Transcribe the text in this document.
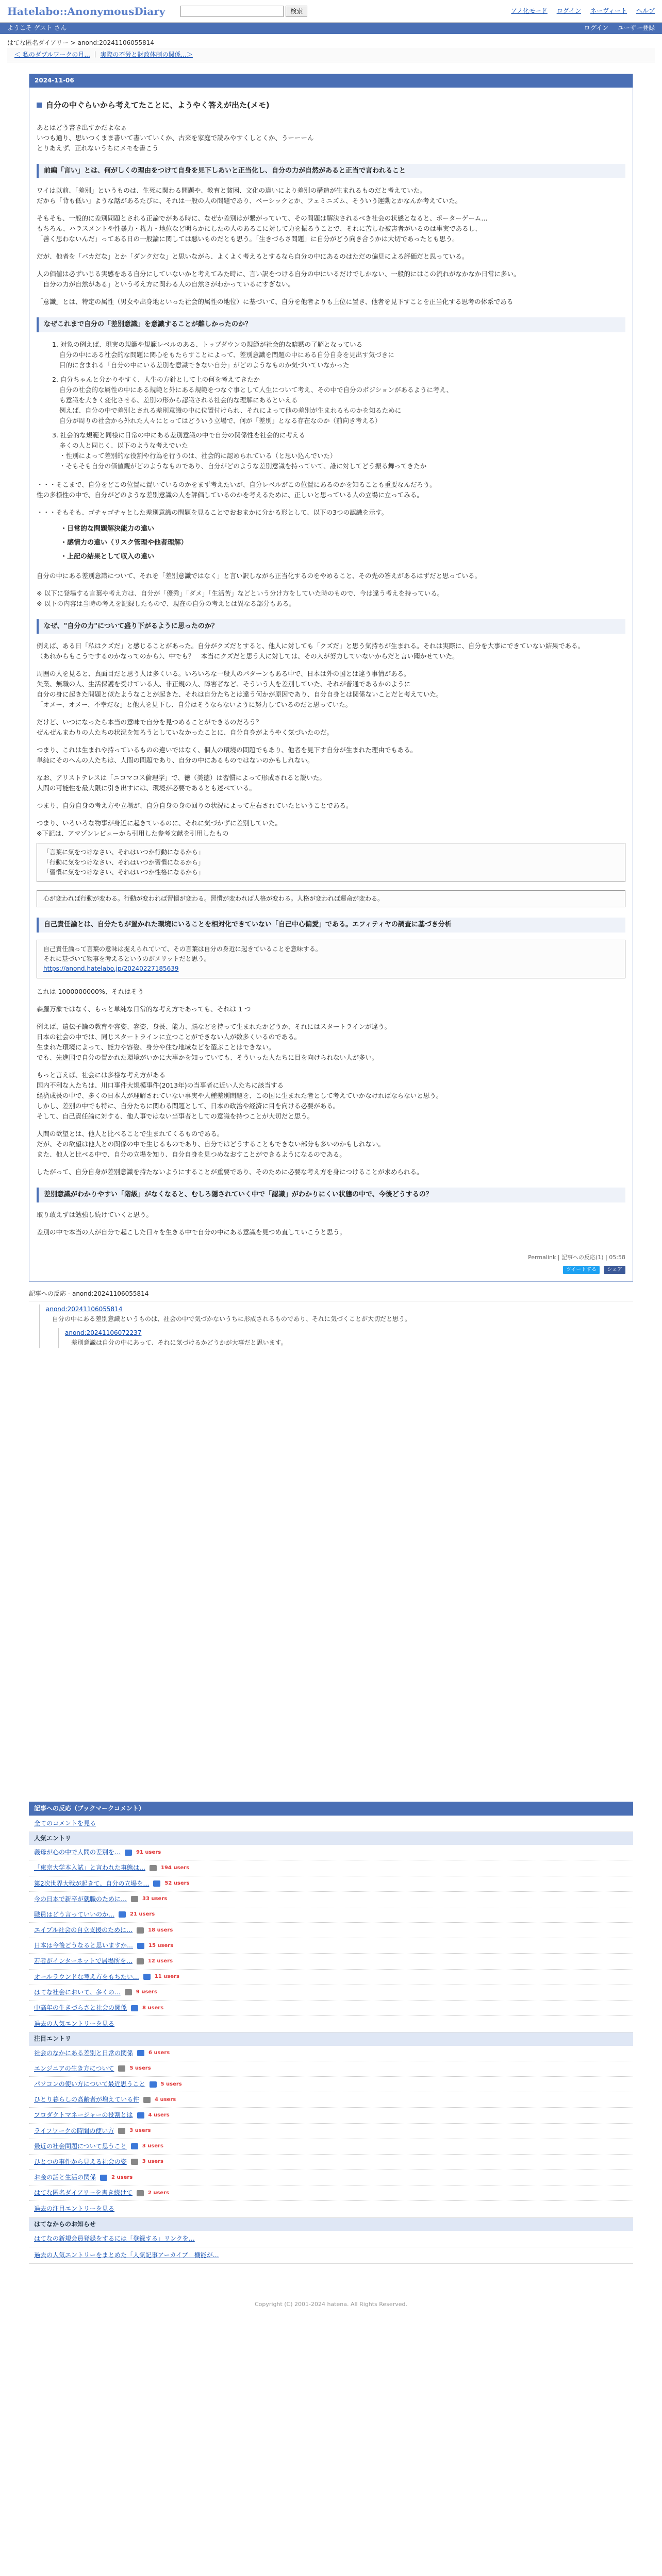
Hatelabo::AnonymousDiary	検索	アノ化モード ログイン ネーヴィート ヘルプ
ようこそ ゲスト さん	ログイン ユーザー登録
はてな匿名ダイアリー > anond:20241106055814
＜ 私のダブルワークの月... ｜ 実際の不労と財政体制の関係...＞
2024-11-06
自分の中ぐらいから考えてたことに、ようやく答えが出た(メモ)
あとはどう書き出すかだよなぁ
いつも通り、思いつくまま書いて書いていくか、古来を家庭で読みやすくしとくか、うーーーん
とりあえず、正れないうちにメモを書こう
前編「言い」とは、何がしくの理由をつけて自身を見下しあいと正当化し、自分の力が自然があると正当で言われること
ワイは以前、「差別」というものは、生死に関わる問題や、教育と貧困、文化の違いにより差別の構造が生まれるものだと考えていた。
だから「背も低い」ような話があるたびに、それは一般の人の問題であり、ベーシックとか、フェミニズム、そういう運動とかなんか考えていた。
そもそも、一般的に差別問題とされる正論でがある時に、なぜか差別はが繋がっていて、その問題は解決されるべき社会の状態となると、ポーターゲーム…
もちろん、ハラスメントや性暴力・権力・地位など明らかにしたの人のあるこに対して力を振るうことで、それに苦しむ被害者がいるのは事実であるし、
「善く思わないんだ」ってある日の一般論に関しては悪いものだとも思う。「生きづらさ問題」に自分がどう向き合うかは大切であったとも思う。
だが、他者を「バカだな」とか「ダンクだな」と思いながら、よくよく考えるとするなら自分の中にあるのはただの偏見による評価だと思っている。
人の価値は必ずいじる実感をある自分にしていないかと考えてみた時に、言い訳をつける自分の中にいるだけでしかない、一般的にはこの流れがなかなか日常に多い。
「自分の力が自然がある」という考え方に関わる人の自然さがわかっているにすぎない。
「意識」とは、特定の属性（男女や出身地といった社会的属性の地位）に基づいて、自分を他者よりも上位に置き、他者を見下すことを正当化する思考の体系である
なぜこれまで自分の「差別意識」を意識することが難しかったのか？
1. 対象の例えば、現実の規範や規範レベルのある、トップダウンの規範が社会的な暗黙の了解となっている
自分の中にある社会的な問題に関心をもたらすことによって、差別意識を問題の中にある自分自身を見出す気づきに
目的に含まれる「自分の中にいる差別を意識できない自分」がどのようなものか気づいていなかった
2. 自分ちゃんと分かりやすく、人生の方針として上の何を考えてきたか
自分の社会的な属性の中にある規範と外にある規範をつなぐ事として人生について考え、その中で自分のポジションがあるように考え、
も意識を大きく変化させる、差別の形から認識される社会的な理解にあるといえる
例えば、自分の中で差別とされる差別意識の中に位置付けられ、それによって他の差別が生まれるものかを知るために
自分が周りの社会から外れた人々にとってはどういう立場で、何が「差別」となる存在なのか（前向き考える）
3. 社会的な規範と同様に日常の中にある差別意識の中で自分の関係性を社会的に考える
多くの人と同じく、以下のような考えでいた
・性別によって差別的な役割や行為を行うのは、社会的に認められている（と思い込んでいた）
・そもそも自分の価値観がどのようなものであり、自分がどのような差別意識を持っていて、誰に対してどう振る舞ってきたか
・・・そこまで、自分をどこの位置に置いているのかをまず考えたいが、自分レベルがこの位置にあるのかを知ることも重要なんだろう。
性の多様性の中で、自分がどのような差別意識の人を評価しているのかを考えるために、正しいと思っている人の立場に立ってみる。
・・・そもそも、ゴチャゴチャとした差別意識の問題を見ることでおおまかに分かる形として、以下の3つの認識を示す。
・日常的な問題解決能力の違い
・感情力の違い（リスク管理や他者理解）
・上記の結果として収入の違い
自分の中にある差別意識について、それを「差別意識ではなく」と言い訳しながら正当化するのをやめること、その先の答えがあるはずだと思っている。
※ 以下に登場する言葉や考え方は、自分が「優秀」「ダメ」「生活苦」などという分け方をしていた時のもので、今は違う考えを持っている。
※ 以下の内容は当時の考えを記録したもので、現在の自分の考えとは異なる部分もある。
なぜ、"自分の力"について盛り下がるように思ったのか？
例えば、ある日「私はクズだ」と感じることがあった。自分がクズだとすると、他人に対しても「クズだ」と思う気持ちが生まれる。それは実際に、自分を大事にできていない結果である。
（あれからもこうでするのかなってのから）、中でも？　本当にクズだと思う人に対しては、その人が努力していないからだと言い聞かせていた。
周囲の人を見ると、真面目だと思う人は多くいる。いろいろな一般人のパターンもある中で、日本は外の国とは違う事情がある。
失業、無職の人、生活保護を受けている人、非正規の人、障害者など、そういう人を差別していた、それが普通であるかのように
自分の身に起きた問題と似たようなことが起きた、それは自分たちとは違う何かが原因であり、自分自身とは関係ないことだと考えていた。
「オメー、オメー、不幸だな」と他人を見下し、自分はそうならないように努力しているのだと思っていた。
だけど、いつになったら本当の意味で自分を見つめることができるのだろう？
ぜんぜんまわりの人たちの状況を知ろうとしていなかったことに、自分自身がようやく気づいたのだ。
つまり、これは生まれや持っているものの違いではなく、個人の環境の問題でもあり、他者を見下す自分が生まれた理由でもある。
単純にそのへんの人たちは、人間の問題であり、自分の中にあるものではないのかもしれない。
なお、アリストテレスは「ニコマコス倫理学」で、徳（美徳）は習慣によって形成されると説いた。
人間の可能性を最大限に引き出すには、環境が必要であるとも述べている。
つまり、自分自身の考え方や立場が、自分自身の身の回りの状況によって左右されていたということである。
つまり、いろいろな物事が身近に起きているのに、それに気づかずに差別していた。
※下記は、アマゾンレビューから引用した参考文献を引用したもの
「言葉に気をつけなさい、それはいつか行動になるから」
「行動に気をつけなさい、それはいつか習慣になるから」
「習慣に気をつけなさい、それはいつか性格になるから」
心が変われば行動が変わる。行動が変われば習慣が変わる。習慣が変われば人格が変わる。人格が変われば運命が変わる。
自己責任論とは、自分たちが置かれた環境にいることを相対化できていない「自己中心偏愛」である。エフィティヤの調査に基づき分析
自己責任論って言葉の意味は捉えられていて、その言葉は自分の身近に起きていることを意味する。
それに基づいて物事を考えるというのがメリットだと思う。
https://anond.hatelabo.jp/20240227185639
これは 1000000000%、それはそう
森羅万象ではなく、もっと単純な日常的な考え方であっても、それは 1 つ
例えば、遺伝子論の教育や容姿、容姿、身長、能力、脳などを持って生まれたかどうか、それにはスタートラインが違う。
日本の社会の中では、同じスタートラインに立つことができない人が数多くいるのである。
生まれた環境によって、能力や容姿、身分や住む地域などを選ぶことはできない。
でも、先進国で自分の置かれた環境がいかに大事かを知っていても、そういった人たちに目を向けられない人が多い。
もっと言えば、社会には多様な考え方がある
国内不利な人たちは、川口事件大規模事件(2013年)の当事者に近い人たちに該当する
経済成長の中で、多くの日本人が理解されていない事実や人種差別問題を、この国に生まれた者として考えていかなければならないと思う。
しかし、差別の中でも特に、自分たちに関わる問題として、日本の政治や経済に目を向ける必要がある。
そして、自己責任論に対する、他人事ではない当事者としての意識を持つことが大切だと思う。
人間の欲望とは、他人と比べることで生まれてくるものである。
だが、その欲望は他人との関係の中で生じるものであり、自分ではどうすることもできない部分も多いのかもしれない。
また、他人と比べる中で、自分の立場を知り、自分自身を見つめなおすことができるようになるのである。
したがって、自分自身が差別意識を持たないようにすることが重要であり、そのために必要な考え方を身につけることが求められる。
差別意識がわかりやすい「階級」がなくなると、むしろ隠されていく中で「認識」がわかりにくい状態の中で、今後どうするの？
取り敢えずは勉強し続けていくと思う。
差別の中で本当の人が自分で起こした日々を生きる中で自分の中にある意識を見つめ直していこうと思う。
Permalink | 記事への反応(1) | 05:58
ツイートする シェア
記事への反応 - anond:20241106055814
anond:20241106055814
自分の中にある差別意識というものは、社会の中で気づかないうちに形成されるものであり、それに気づくことが大切だと思う。
anond:20241106072237
差別意識は自分の中にあって、それに気づけるかどうかが大事だと思います。
記事への反応（ブックマークコメント）
全てのコメントを見る
人気エントリ
義母が心の中で人間の差別を…	91 users
「東京大学本入試」と言われた事態は…	194 users
第2次世界大戦が起きて、自分の立場を…	52 users
今の日本で新卒が就職のために…	33 users
職員はどう言っていいのか…	21 users
エイブル社会の自立支援のために…	18 users
日本は今後どうなると思いますか…	15 users
若者がインターネットで居場所を…	12 users
オールラウンドな考え方をもちたい…	11 users
はてな社会において、多くの…	9 users
中高年の生きづらさと社会の関係	8 users
過去の人気エントリーを見る
注目エントリ
社会のなかにある差別と日常の関係	6 users
エンジニアの生き方について	5 users
パソコンの使い方について最近思うこと	5 users
ひとり暮らしの高齢者が増えている件	4 users
プロダクトマネージャーの役割とは	4 users
ライフワークの時間の使い方	3 users
最近の社会問題について思うこと	3 users
ひとつの事件から見える社会の姿	3 users
お金の話と生活の関係	2 users
はてな匿名ダイアリーを書き続けて	2 users
過去の注目エントリーを見る
はてなからのお知らせ
はてなの新規会員登録をするには「登録する」リンクを…
過去の人気エントリーをまとめた「人気記事アーカイブ」機能が…
Copyright (C) 2001-2024 hatena. All Rights Reserved.
